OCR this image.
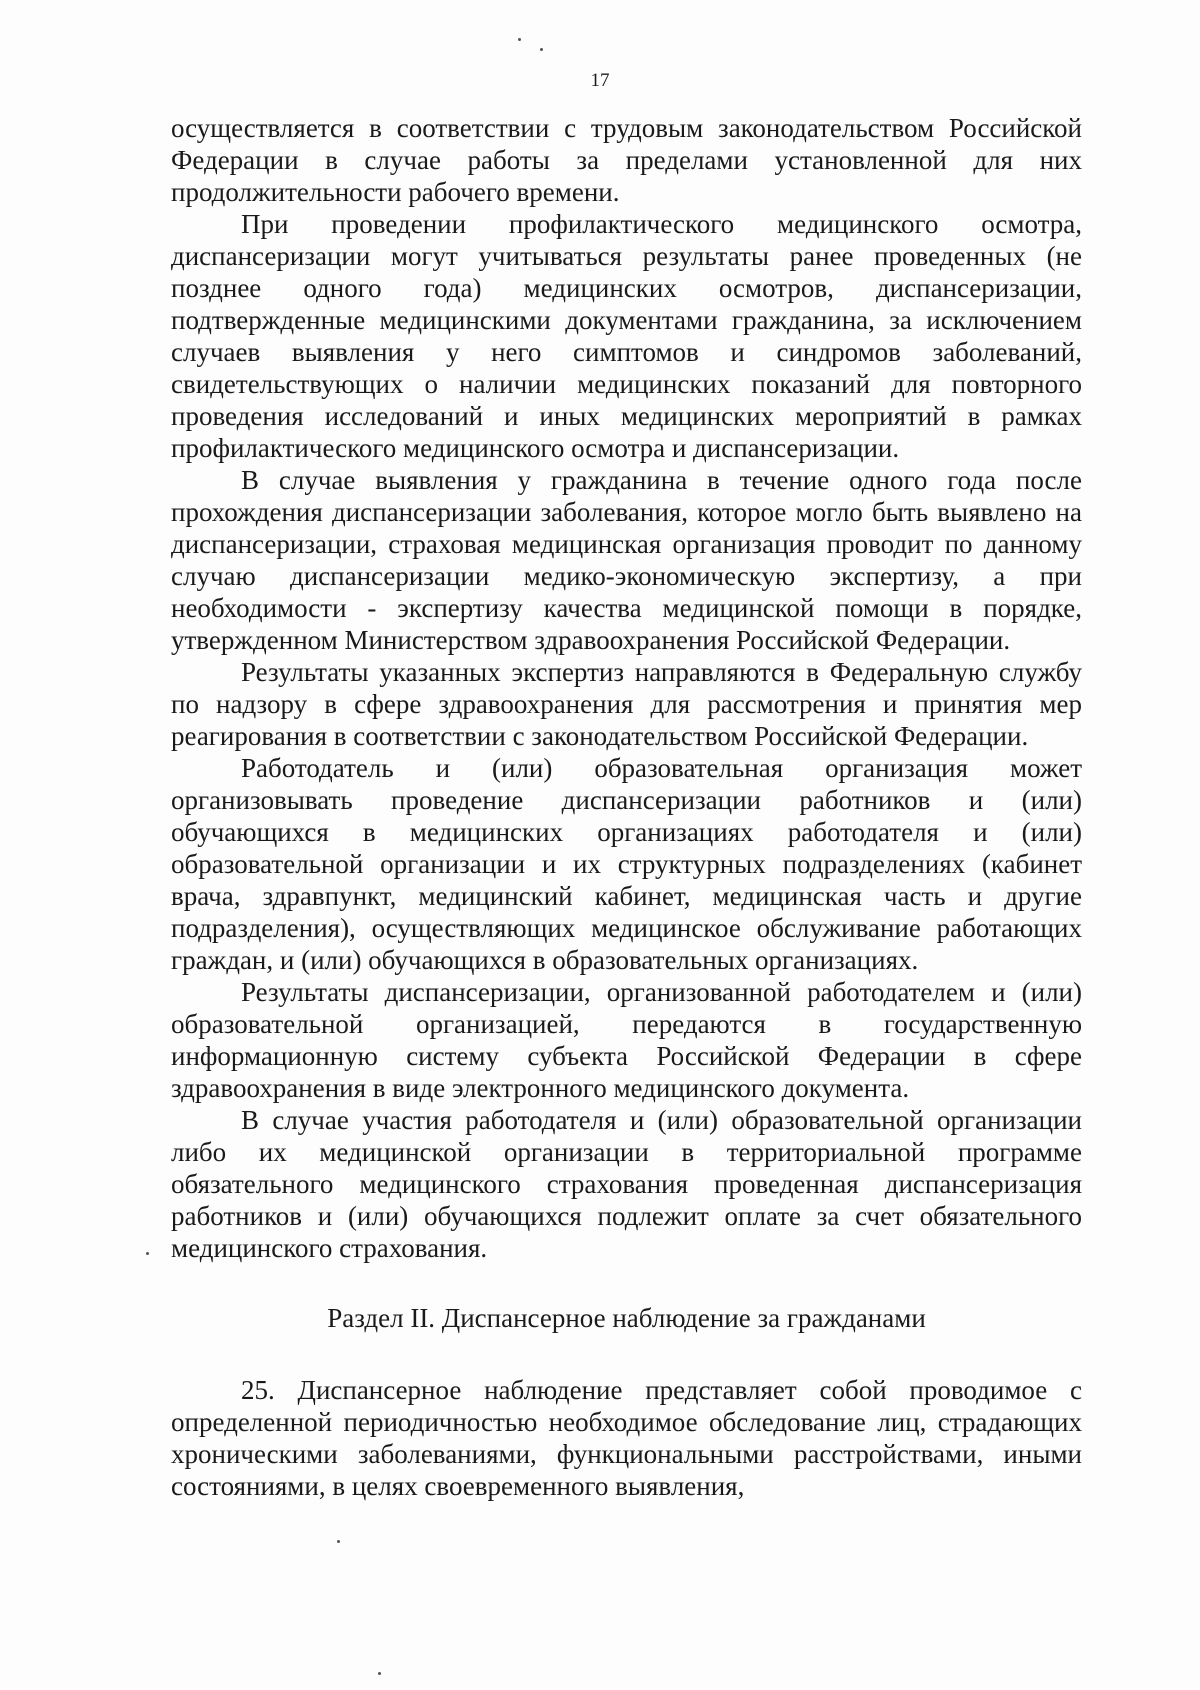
17

осуществляется в соответствии с трудовым законодательством Российской Федерации в случае работы за пределами установленной для них продолжительности рабочего времени.

При проведении профилактического медицинского осмотра, диспансеризации могут учитываться результаты ранее проведенных (не позднее одного года) медицинских осмотров, диспансеризации, подтвержденные медицинскими документами гражданина, за исключением случаев выявления у него симптомов и синдромов заболеваний, свидетельствующих о наличии медицинских показаний для повторного проведения исследований и иных медицинских мероприятий в рамках профилактического медицинского осмотра и диспансеризации.

В случае выявления у гражданина в течение одного года после прохождения диспансеризации заболевания, которое могло быть выявлено на диспансеризации, страховая медицинская организация проводит по данному случаю диспансеризации медико-экономическую экспертизу, а при необходимости - экспертизу качества медицинской помощи в порядке, утвержденном Министерством здравоохранения Российской Федерации.

Результаты указанных экспертиз направляются в Федеральную службу по надзору в сфере здравоохранения для рассмотрения и принятия мер реагирования в соответствии с законодательством Российской Федерации.

Работодатель и (или) образовательная организация может организовывать проведение диспансеризации работников и (или) обучающихся в медицинских организациях работодателя и (или) образовательной организации и их структурных подразделениях (кабинет врача, здравпункт, медицинский кабинет, медицинская часть и другие подразделения), осуществляющих медицинское обслуживание работающих граждан, и (или) обучающихся в образовательных организациях.

Результаты диспансеризации, организованной работодателем и (или) образовательной организацией, передаются в государственную информационную систему субъекта Российской Федерации в сфере здравоохранения в виде электронного медицинского документа.

В случае участия работодателя и (или) образовательной организации либо их медицинской организации в территориальной программе обязательного медицинского страхования проведенная диспансеризация работников и (или) обучающихся подлежит оплате за счет обязательного медицинского страхования.

Раздел II. Диспансерное наблюдение за гражданами

25. Диспансерное наблюдение представляет собой проводимое с определенной периодичностью необходимое обследование лиц, страдающих хроническими заболеваниями, функциональными расстройствами, иными состояниями, в целях своевременного выявления,
